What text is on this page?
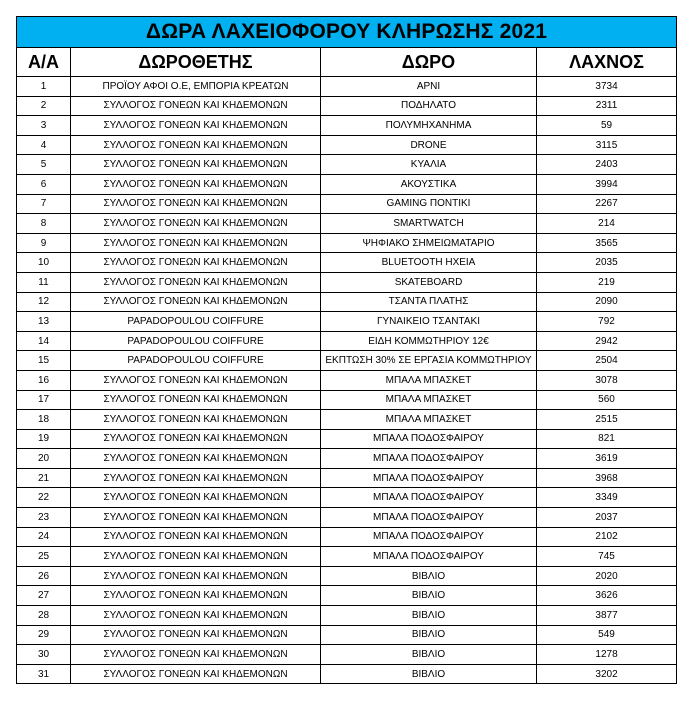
ΔΩΡΑ ΛΑΧΕΙΟΦΟΡΟΥ ΚΛΗΡΩΣΗΣ 2021			
Α/Α	ΔΩΡΟΘΕΤΗΣ	ΔΩΡΟ	ΛΑΧΝΟΣ
1	ΠΡΟΪΟΥ ΑΦΟΙ Ο.Ε, ΕΜΠΟΡΙΑ ΚΡΕΑΤΩΝ	ΑΡΝΙ	3734
2	ΣΥΛΛΟΓΟΣ ΓΟΝΕΩΝ ΚΑΙ ΚΗΔΕΜΟΝΩΝ	ΠΟΔΗΛΑΤΟ	2311
3	ΣΥΛΛΟΓΟΣ ΓΟΝΕΩΝ ΚΑΙ ΚΗΔΕΜΟΝΩΝ	ΠΟΛΥΜΗΧΑΝΗΜΑ	59
4	ΣΥΛΛΟΓΟΣ ΓΟΝΕΩΝ ΚΑΙ ΚΗΔΕΜΟΝΩΝ	DRONE	3115
5	ΣΥΛΛΟΓΟΣ ΓΟΝΕΩΝ ΚΑΙ ΚΗΔΕΜΟΝΩΝ	ΚΥΑΛΙΑ	2403
6	ΣΥΛΛΟΓΟΣ ΓΟΝΕΩΝ ΚΑΙ ΚΗΔΕΜΟΝΩΝ	ΑΚΟΥΣΤΙΚΑ	3994
7	ΣΥΛΛΟΓΟΣ ΓΟΝΕΩΝ ΚΑΙ ΚΗΔΕΜΟΝΩΝ	GAMING ΠΟΝΤΙΚΙ	2267
8	ΣΥΛΛΟΓΟΣ ΓΟΝΕΩΝ ΚΑΙ ΚΗΔΕΜΟΝΩΝ	SMARTWATCH	214
9	ΣΥΛΛΟΓΟΣ ΓΟΝΕΩΝ ΚΑΙ ΚΗΔΕΜΟΝΩΝ	ΨΗΦΙΑΚΟ ΣΗΜΕΙΩΜΑΤΑΡΙΟ	3565
10	ΣΥΛΛΟΓΟΣ ΓΟΝΕΩΝ ΚΑΙ ΚΗΔΕΜΟΝΩΝ	BLUETOOTH ΗΧΕΙΑ	2035
11	ΣΥΛΛΟΓΟΣ ΓΟΝΕΩΝ ΚΑΙ ΚΗΔΕΜΟΝΩΝ	SKATEBOARD	219
12	ΣΥΛΛΟΓΟΣ ΓΟΝΕΩΝ ΚΑΙ ΚΗΔΕΜΟΝΩΝ	ΤΣΑΝΤΑ ΠΛΑΤΗΣ	2090
13	PAPADOPOULOU COIFFURE	ΓΥΝΑΙΚΕΙΟ ΤΣΑΝΤΑΚΙ	792
14	PAPADOPOULOU COIFFURE	ΕΙΔΗ ΚΟΜΜΩΤΗΡΙΟΥ 12€	2942
15	PAPADOPOULOU COIFFURE	ΕΚΠΤΩΣΗ 30% ΣΕ ΕΡΓΑΣΙΑ ΚΟΜΜΩΤΗΡΙΟΥ	2504
16	ΣΥΛΛΟΓΟΣ ΓΟΝΕΩΝ ΚΑΙ ΚΗΔΕΜΟΝΩΝ	ΜΠΑΛΑ ΜΠΑΣΚΕΤ	3078
17	ΣΥΛΛΟΓΟΣ ΓΟΝΕΩΝ ΚΑΙ ΚΗΔΕΜΟΝΩΝ	ΜΠΑΛΑ ΜΠΑΣΚΕΤ	560
18	ΣΥΛΛΟΓΟΣ ΓΟΝΕΩΝ ΚΑΙ ΚΗΔΕΜΟΝΩΝ	ΜΠΑΛΑ ΜΠΑΣΚΕΤ	2515
19	ΣΥΛΛΟΓΟΣ ΓΟΝΕΩΝ ΚΑΙ ΚΗΔΕΜΟΝΩΝ	ΜΠΑΛΑ ΠΟΔΟΣΦΑΙΡΟΥ	821
20	ΣΥΛΛΟΓΟΣ ΓΟΝΕΩΝ ΚΑΙ ΚΗΔΕΜΟΝΩΝ	ΜΠΑΛΑ ΠΟΔΟΣΦΑΙΡΟΥ	3619
21	ΣΥΛΛΟΓΟΣ ΓΟΝΕΩΝ ΚΑΙ ΚΗΔΕΜΟΝΩΝ	ΜΠΑΛΑ ΠΟΔΟΣΦΑΙΡΟΥ	3968
22	ΣΥΛΛΟΓΟΣ ΓΟΝΕΩΝ ΚΑΙ ΚΗΔΕΜΟΝΩΝ	ΜΠΑΛΑ ΠΟΔΟΣΦΑΙΡΟΥ	3349
23	ΣΥΛΛΟΓΟΣ ΓΟΝΕΩΝ ΚΑΙ ΚΗΔΕΜΟΝΩΝ	ΜΠΑΛΑ ΠΟΔΟΣΦΑΙΡΟΥ	2037
24	ΣΥΛΛΟΓΟΣ ΓΟΝΕΩΝ ΚΑΙ ΚΗΔΕΜΟΝΩΝ	ΜΠΑΛΑ ΠΟΔΟΣΦΑΙΡΟΥ	2102
25	ΣΥΛΛΟΓΟΣ ΓΟΝΕΩΝ ΚΑΙ ΚΗΔΕΜΟΝΩΝ	ΜΠΑΛΑ ΠΟΔΟΣΦΑΙΡΟΥ	745
26	ΣΥΛΛΟΓΟΣ ΓΟΝΕΩΝ ΚΑΙ ΚΗΔΕΜΟΝΩΝ	ΒΙΒΛΙΟ	2020
27	ΣΥΛΛΟΓΟΣ ΓΟΝΕΩΝ ΚΑΙ ΚΗΔΕΜΟΝΩΝ	ΒΙΒΛΙΟ	3626
28	ΣΥΛΛΟΓΟΣ ΓΟΝΕΩΝ ΚΑΙ ΚΗΔΕΜΟΝΩΝ	ΒΙΒΛΙΟ	3877
29	ΣΥΛΛΟΓΟΣ ΓΟΝΕΩΝ ΚΑΙ ΚΗΔΕΜΟΝΩΝ	ΒΙΒΛΙΟ	549
30	ΣΥΛΛΟΓΟΣ ΓΟΝΕΩΝ ΚΑΙ ΚΗΔΕΜΟΝΩΝ	ΒΙΒΛΙΟ	1278
31	ΣΥΛΛΟΓΟΣ ΓΟΝΕΩΝ ΚΑΙ ΚΗΔΕΜΟΝΩΝ	ΒΙΒΛΙΟ	3202
